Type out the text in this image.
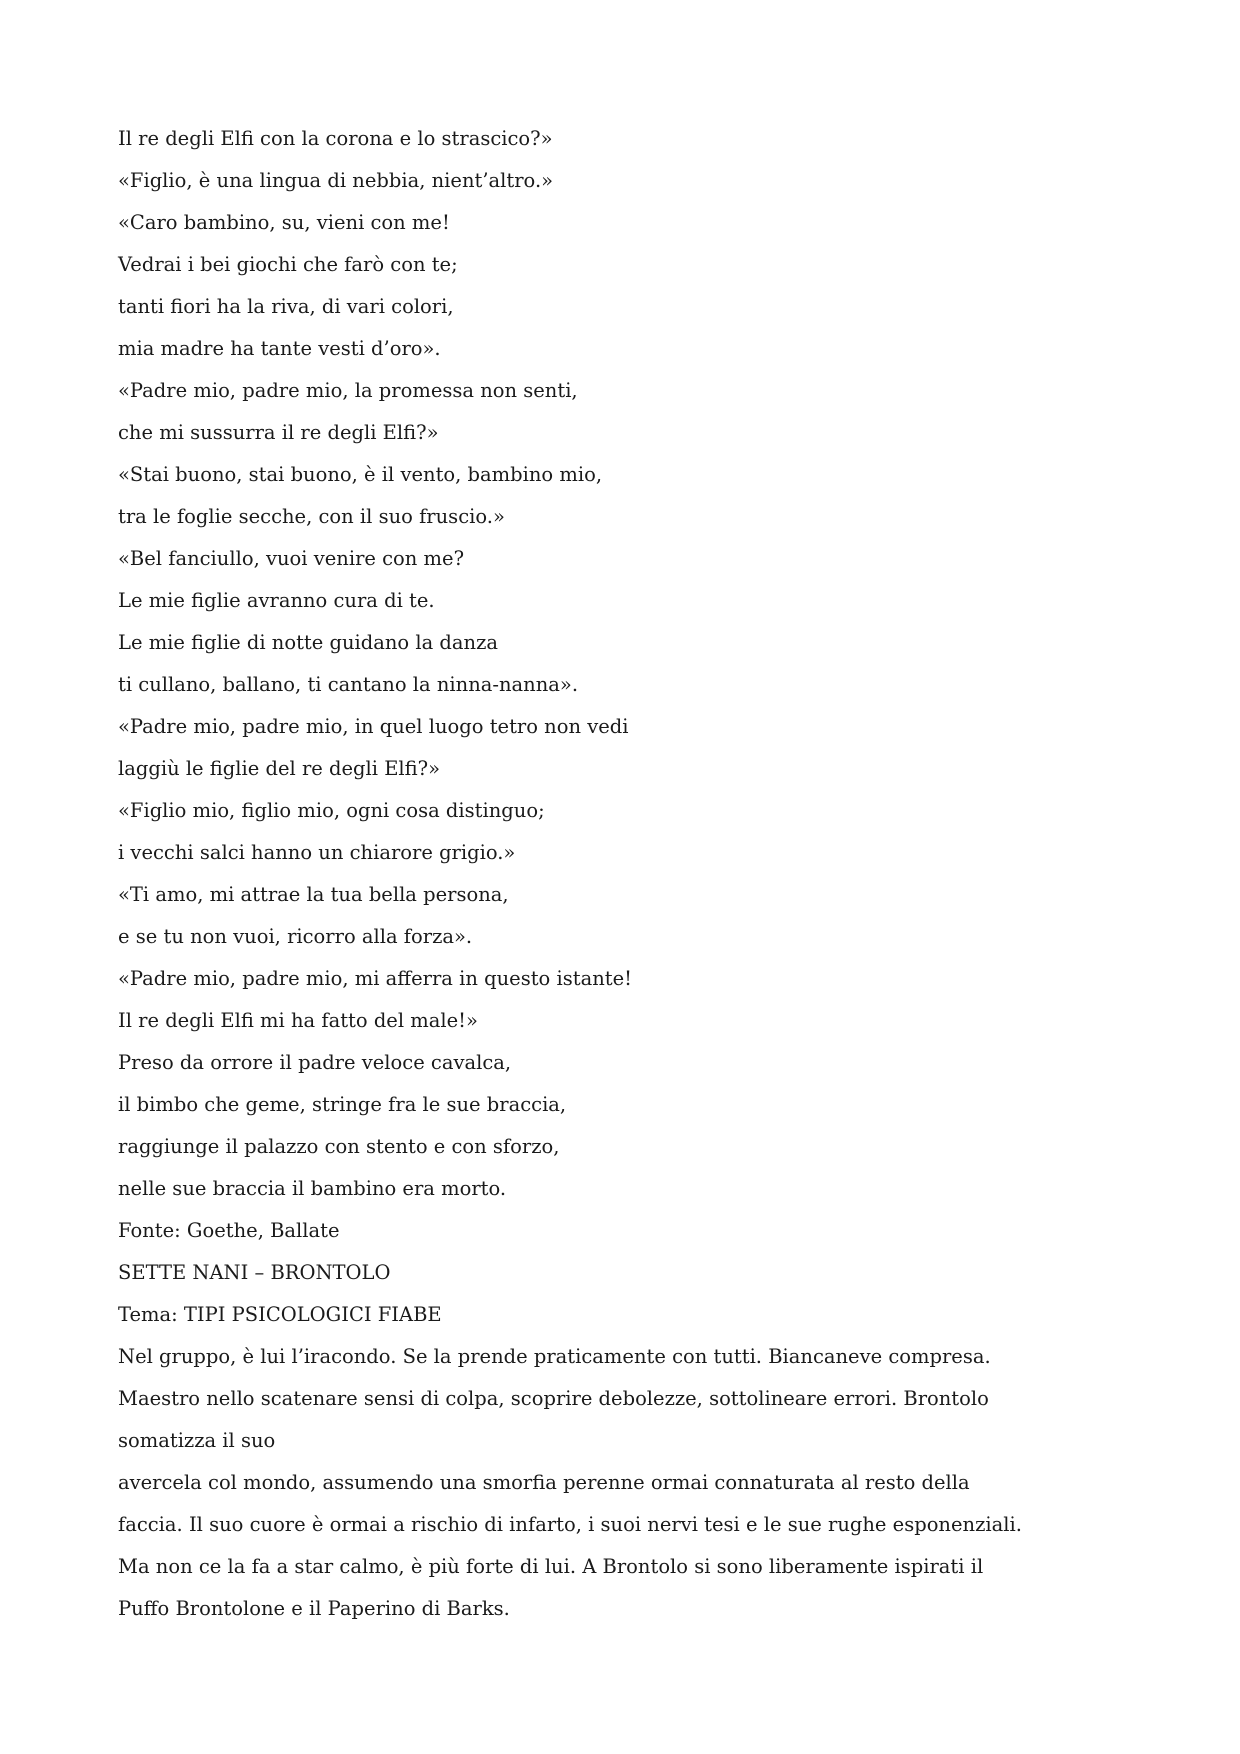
Il re degli Elfi con la corona e lo strascico?»
«Figlio, è una lingua di nebbia, nient’altro.»
«Caro bambino, su, vieni con me!
Vedrai i bei giochi che farò con te;
tanti fiori ha la riva, di vari colori,
mia madre ha tante vesti d’oro».
«Padre mio, padre mio, la promessa non senti,
che mi sussurra il re degli Elfi?»
«Stai buono, stai buono, è il vento, bambino mio,
tra le foglie secche, con il suo fruscio.»
«Bel fanciullo, vuoi venire con me?
Le mie figlie avranno cura di te.
Le mie figlie di notte guidano la danza
ti cullano, ballano, ti cantano la ninna-nanna».
«Padre mio, padre mio, in quel luogo tetro non vedi
laggiù le figlie del re degli Elfi?»
«Figlio mio, figlio mio, ogni cosa distinguo;
i vecchi salci hanno un chiarore grigio.»
«Ti amo, mi attrae la tua bella persona,
e se tu non vuoi, ricorro alla forza».
«Padre mio, padre mio, mi afferra in questo istante!
Il re degli Elfi mi ha fatto del male!»
Preso da orrore il padre veloce cavalca,
il bimbo che geme, stringe fra le sue braccia,
raggiunge il palazzo con stento e con sforzo,
nelle sue braccia il bambino era morto.
Fonte: Goethe, Ballate
SETTE NANI – BRONTOLO
Tema: TIPI PSICOLOGICI FIABE
Nel gruppo, è lui l’iracondo. Se la prende praticamente con tutti. Biancaneve compresa.
Maestro nello scatenare sensi di colpa, scoprire debolezze, sottolineare errori. Brontolo
somatizza il suo
avercela col mondo, assumendo una smorfia perenne ormai connaturata al resto della
faccia. Il suo cuore è ormai a rischio di infarto, i suoi nervi tesi e le sue rughe esponenziali.
Ma non ce la fa a star calmo, è più forte di lui. A Brontolo si sono liberamente ispirati il
Puffo Brontolone e il Paperino di Barks.
